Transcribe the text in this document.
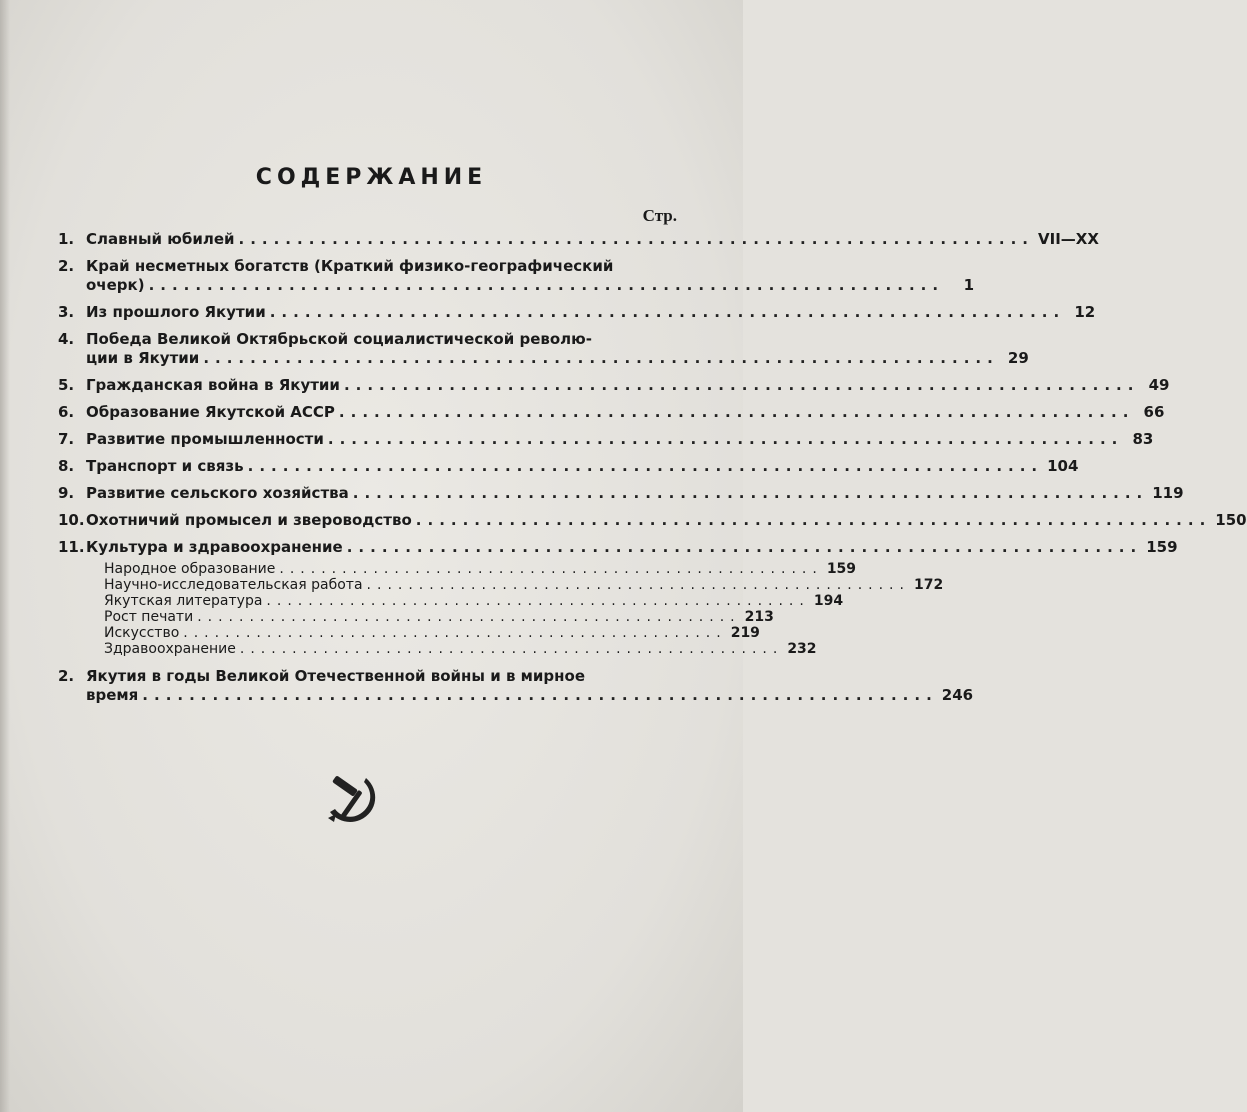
СОДЕРЖАНИЕ
Стр.
1. Славный юбилей .................................................................... VII—XX
2. Край несметных богатств (Краткий физико-географический
очерк) ....................................................................	1
3. Из прошлого Якутии .................................................................... 12
4. Победа Великой Октябрьской социалистической револю-
ции в Якутии .................................................................... 29
5. Гражданская война в Якутии .................................................................... 49
6. Образование Якутской АССР .................................................................... 66
7. Развитие промышленности .................................................................... 83
8. Транспорт и связь .................................................................... 104
9. Развитие сельского хозяйства .................................................................... 119
10. Охотничий промысел и звероводство .................................................................... 150
11. Культура и здравоохранение .................................................................... 159
Народное образование .................................................... 159
Научно-исследовательская работа .................................................... 172
Якутская литература .................................................... 194
Рост печати .................................................... 213
Искусство .................................................... 219
Здравоохранение .................................................... 232
2. Якутия в годы Великой Отечественной войны и в мирное
время .................................................................... 246
